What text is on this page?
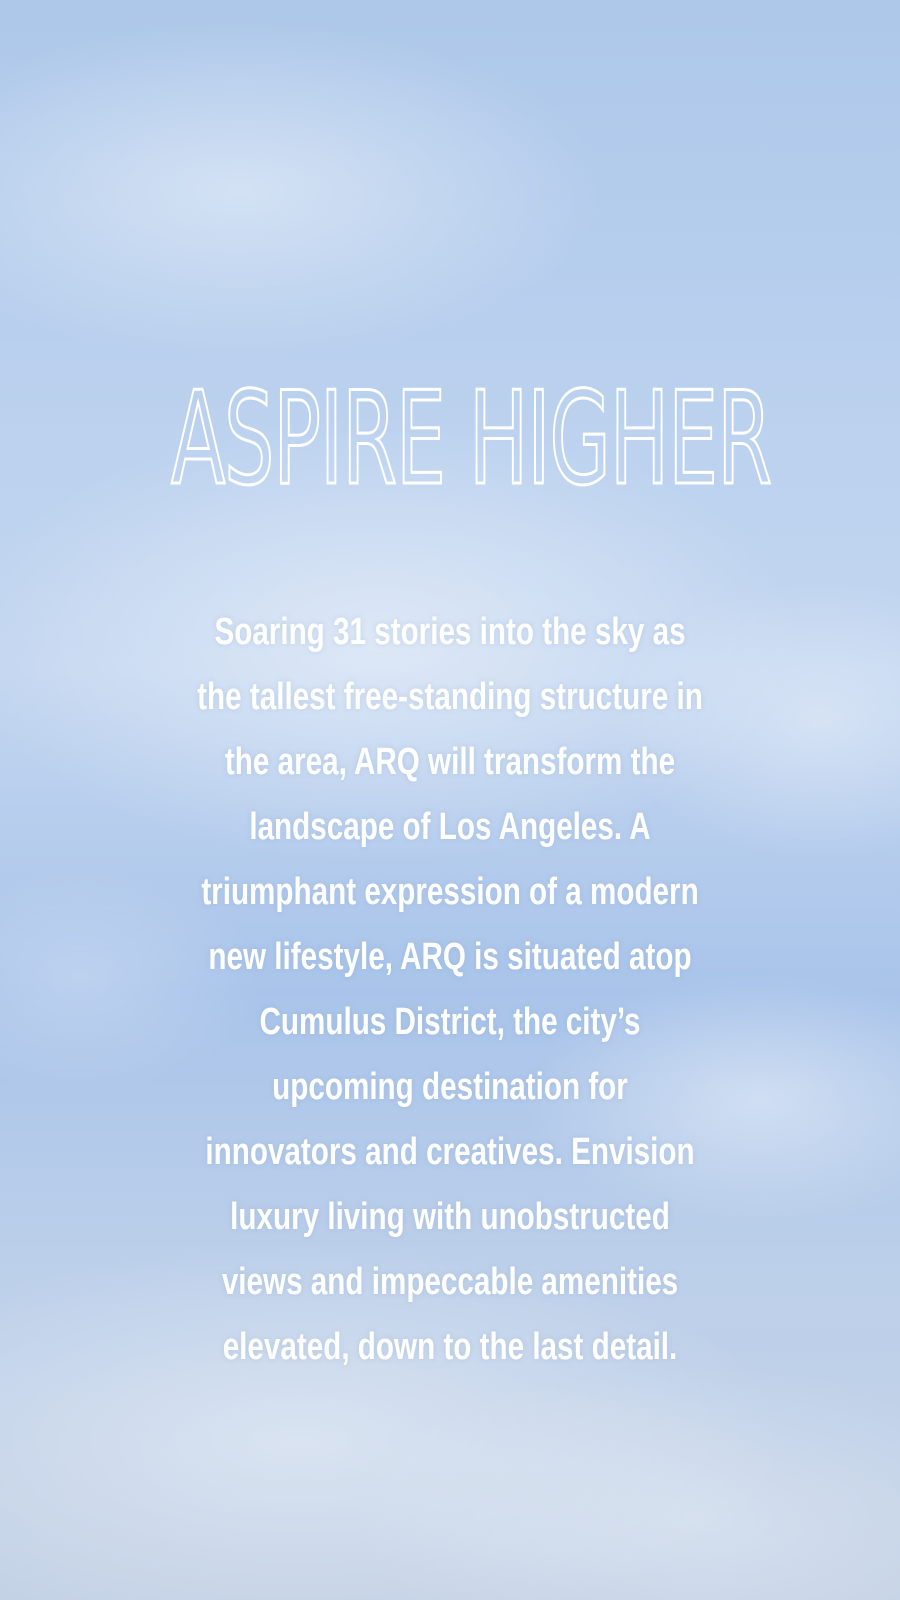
ASPIRE HIGHER

Soaring 31 stories into the sky as the tallest free-standing structure in the area, ARQ will transform the landscape of Los Angeles. A triumphant expression of a modern new lifestyle, ARQ is situated atop Cumulus District, the city’s upcoming destination for innovators and creatives. Envision luxury living with unobstructed views and impeccable amenities elevated, down to the last detail.
